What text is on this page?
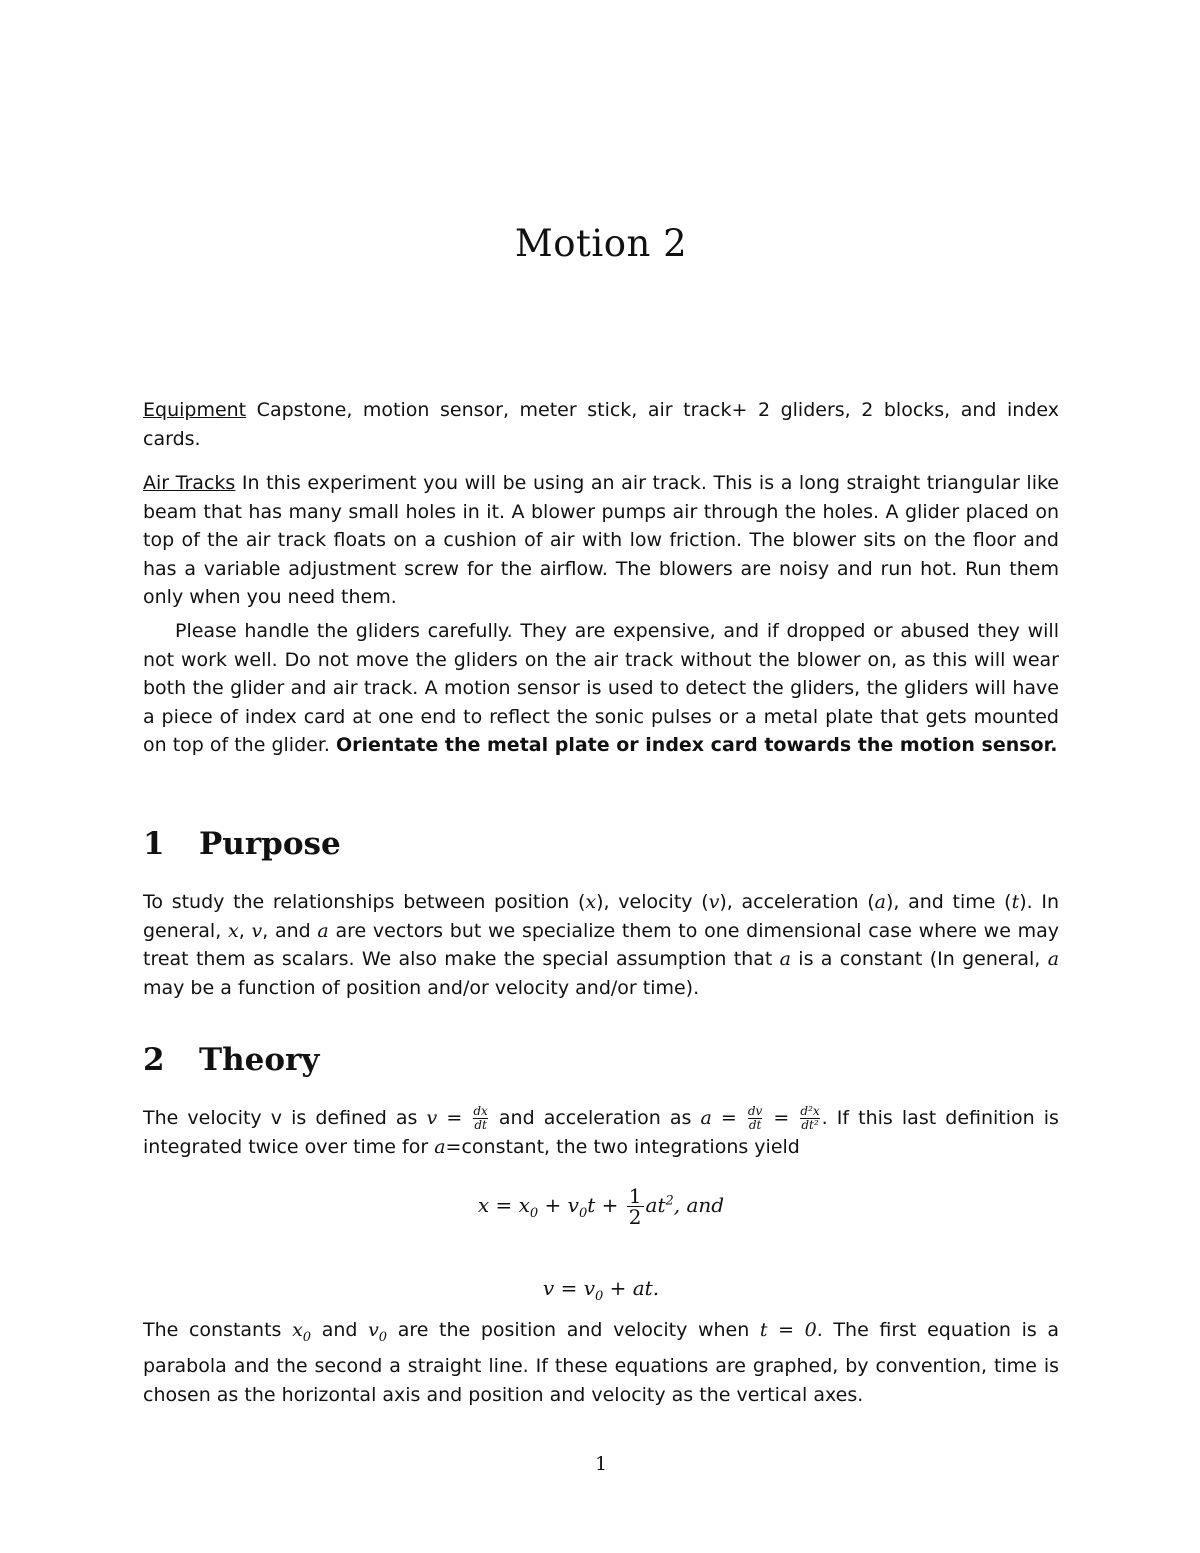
Motion 2

Equipment Capstone, motion sensor, meter stick, air track+ 2 gliders, 2 blocks, and index cards.

Air Tracks In this experiment you will be using an air track. This is a long straight triangular like beam that has many small holes in it. A blower pumps air through the holes. A glider placed on top of the air track floats on a cushion of air with low friction. The blower sits on the floor and has a variable adjustment screw for the airflow. The blowers are noisy and run hot. Run them only when you need them.

Please handle the gliders carefully. They are expensive, and if dropped or abused they will not work well. Do not move the gliders on the air track without the blower on, as this will wear both the glider and air track. A motion sensor is used to detect the gliders, the gliders will have a piece of index card at one end to reflect the sonic pulses or a metal plate that gets mounted on top of the glider. Orientate the metal plate or index card towards the motion sensor.

1 Purpose

To study the relationships between position (x), velocity (v), acceleration (a), and time (t). In general, x, v, and a are vectors but we specialize them to one dimensional case where we may treat them as scalars. We also make the special assumption that a is a constant (In general, a may be a function of position and/or velocity and/or time).

2 Theory

The velocity v is defined as $v = \frac{dx}{dt}$ and acceleration as $a = \frac{dv}{dt} = \frac{\text{d²x}}{\text{dt²}}$ . If this last definition is integrated twice over time for a=constant, the two integrations yield

$x = x_0 + v_0t + \frac{1}{2} at^2$, and
$v = v_0$ + at.

The constants $x_0$ and $v_0$ are the position and velocity when t = 0. The first equation is a parabola and the second a straight line. If these equations are graphed, by convention, time is chosen as the horizontal axis and position and velocity as the vertical axes.

1
